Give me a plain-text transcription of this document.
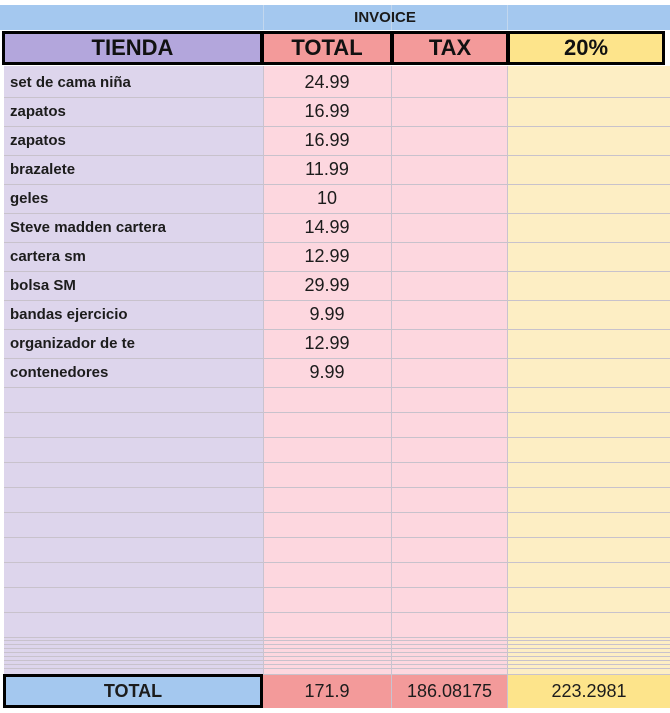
INVOICE
TIENDA	TOTAL	TAX	20%
set de cama niña	24.99
zapatos	16.99
zapatos	16.99
brazalete	11.99
geles	10
Steve madden cartera	14.99
cartera sm	12.99
bolsa SM	29.99
bandas ejercicio	9.99
organizador de te	12.99
contenedores	9.99
TOTAL	171.9	186.08175	223.2981
